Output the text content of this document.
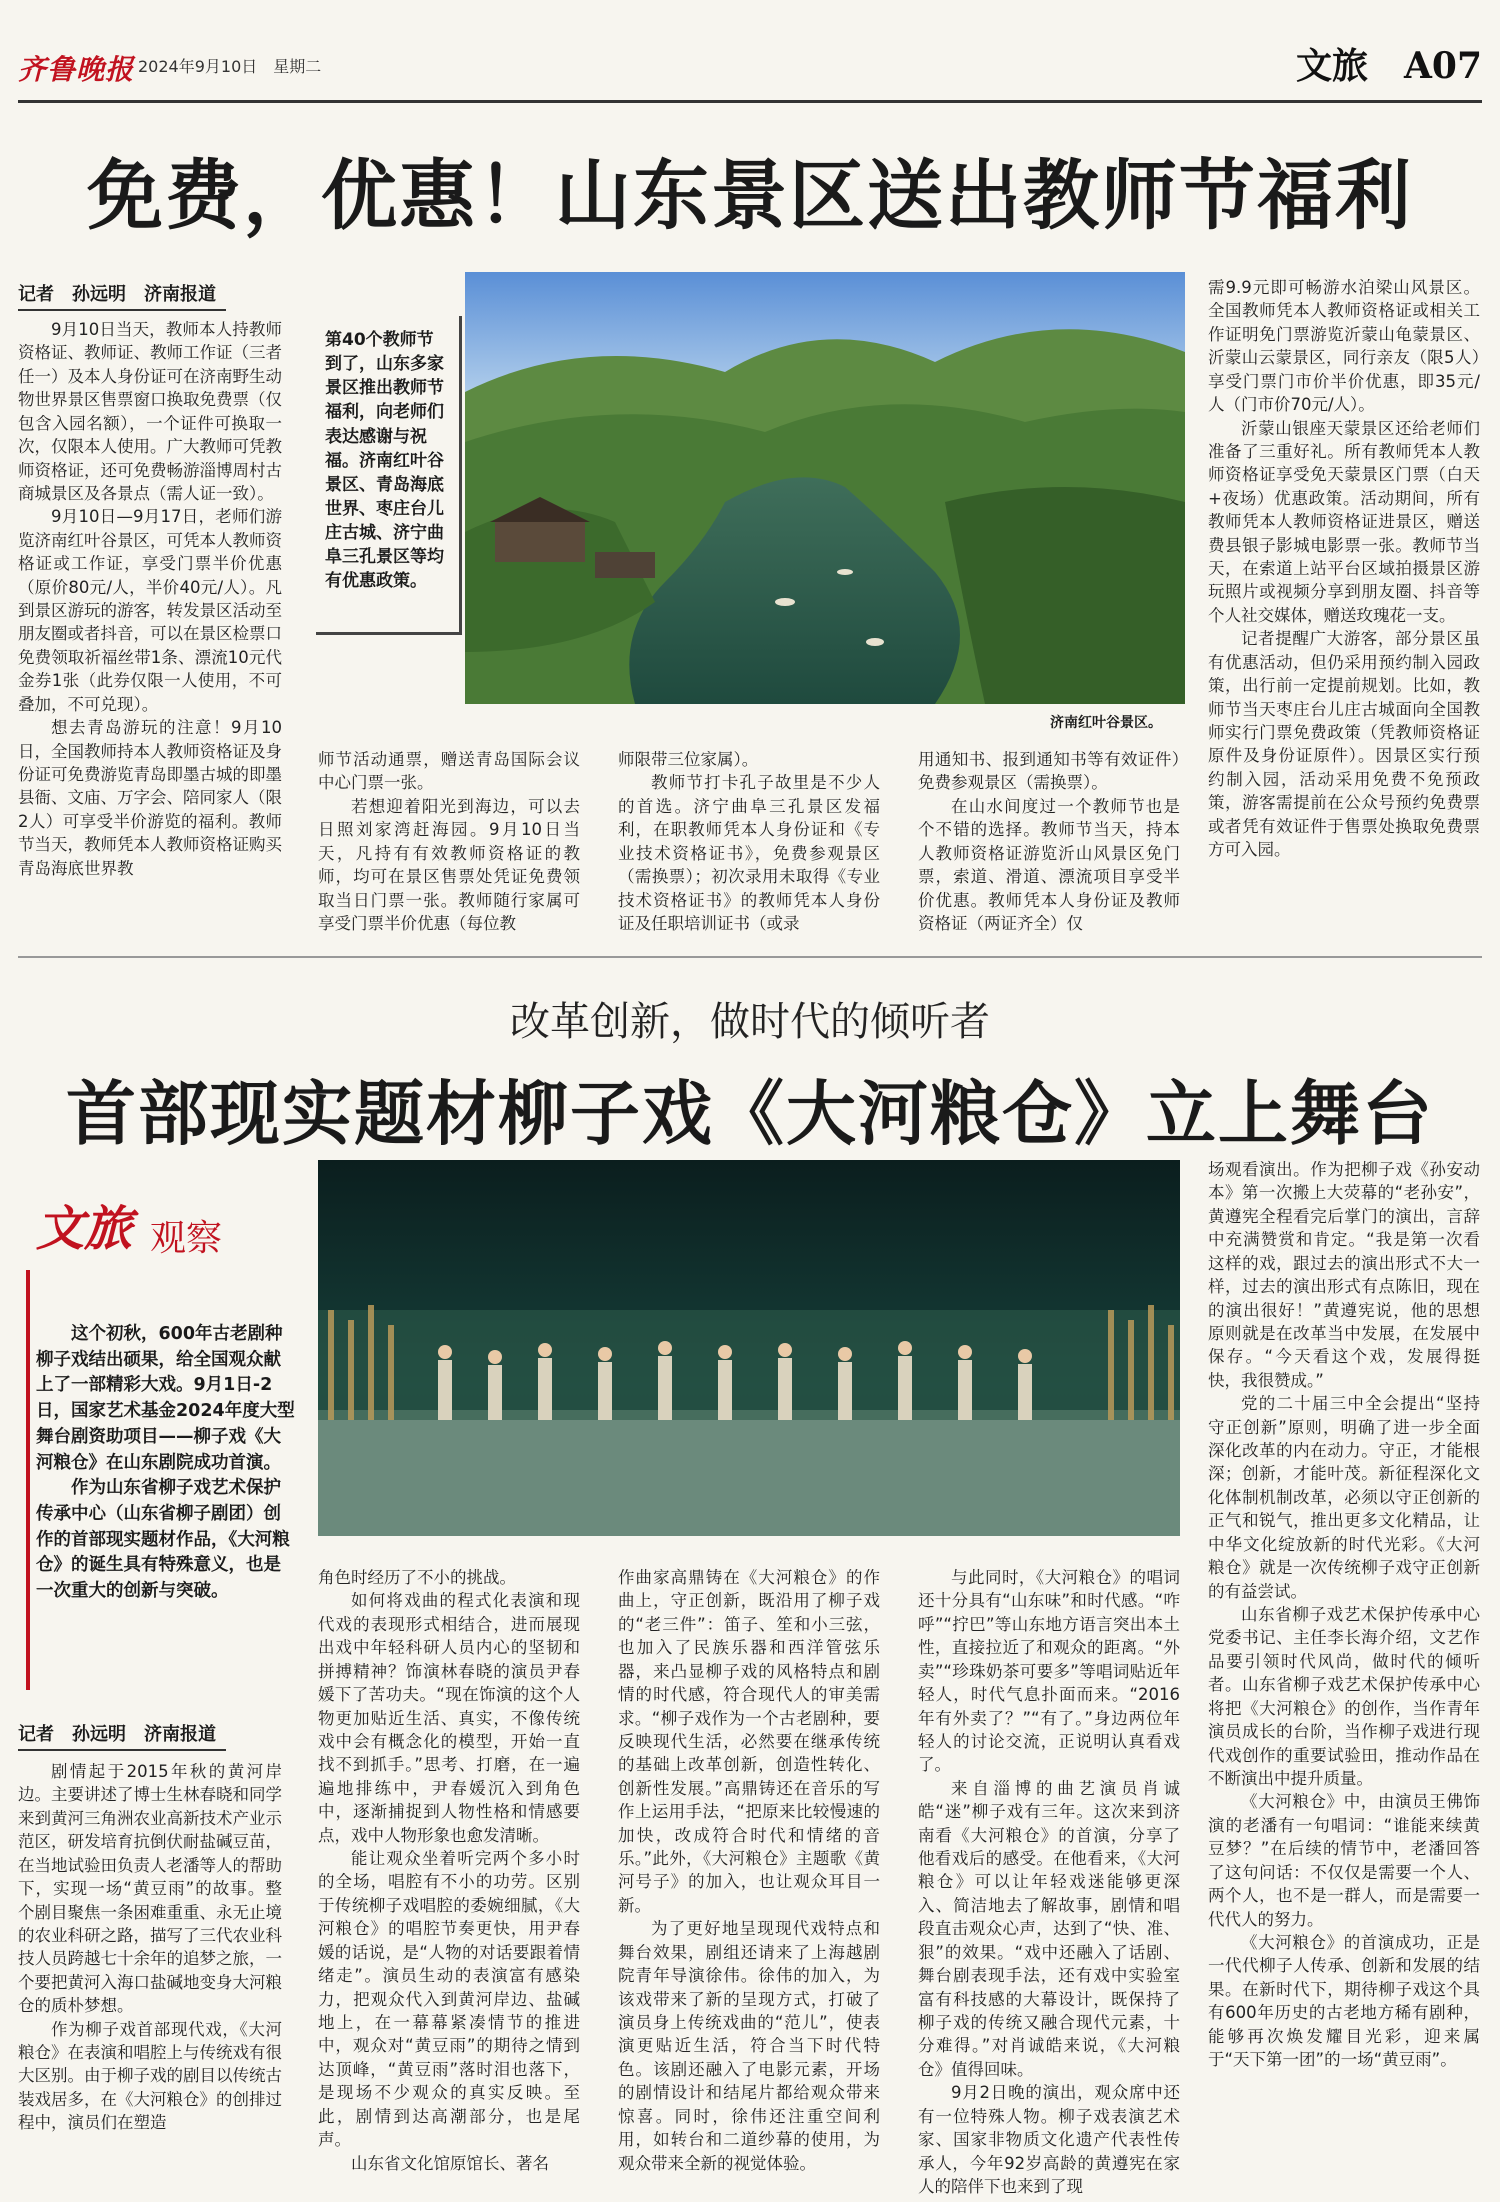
齐鲁晚报 2024年9月10日　星期二	文旅　A07
免费，优惠！山东景区送出教师节福利
记者　孙远明　济南报道

9月10日当天，教师本人持教师资格证、教师证、教师工作证（三者任一）及本人身份证可在济南野生动物世界景区售票窗口换取免费票（仅包含入园名额），一个证件可换取一次，仅限本人使用。广大教师可凭教师资格证，还可免费畅游淄博周村古商城景区及各景点（需人证一致）。

9月10日—9月17日，老师们游览济南红叶谷景区，可凭本人教师资格证或工作证，享受门票半价优惠（原价80元/人，半价40元/人）。凡到景区游玩的游客，转发景区活动至朋友圈或者抖音，可以在景区检票口免费领取祈福丝带1条、漂流10元代金券1张（此券仅限一人使用，不可叠加，不可兑现）。

想去青岛游玩的注意！9月10日，全国教师持本人教师资格证及身份证可免费游览青岛即墨古城的即墨县衙、文庙、万字会、陪同家人（限2人）可享受半价游览的福利。教师节当天，教师凭本人教师资格证购买青岛海底世界教

第40个教师节到了，山东多家景区推出教师节福利，向老师们表达感谢与祝福。济南红叶谷景区、青岛海底世界、枣庄台儿庄古城、济宁曲阜三孔景区等均有优惠政策。
济南红叶谷景区。

需9.9元即可畅游水泊梁山风景区。全国教师凭本人教师资格证或相关工作证明免门票游览沂蒙山龟蒙景区、沂蒙山云蒙景区，同行亲友（限5人）享受门票门市价半价优惠，即35元/人（门市价70元/人）。

沂蒙山银座天蒙景区还给老师们准备了三重好礼。所有教师凭本人教师资格证享受免天蒙景区门票（白天+夜场）优惠政策。活动期间，所有教师凭本人教师资格证进景区，赠送费县银子影城电影票一张。教师节当天，在索道上站平台区域拍摄景区游玩照片或视频分享到朋友圈、抖音等个人社交媒体，赠送玫瑰花一支。

记者提醒广大游客，部分景区虽有优惠活动，但仍采用预约制入园政策，出行前一定提前规划。比如，教师节当天枣庄台儿庄古城面向全国教师实行门票免费政策（凭教师资格证原件及身份证原件）。因景区实行预约制入园，活动采用免费不免预政策，游客需提前在公众号预约免费票或者凭有效证件于售票处换取免费票方可入园。

师节活动通票，赠送青岛国际会议中心门票一张。

若想迎着阳光到海边，可以去日照刘家湾赶海园。9月10日当天，凡持有有效教师资格证的教师，均可在景区售票处凭证免费领取当日门票一张。教师随行家属可享受门票半价优惠（每位教

师限带三位家属）。

教师节打卡孔子故里是不少人的首选。济宁曲阜三孔景区发福利，在职教师凭本人身份证和《专业技术资格证书》，免费参观景区（需换票）；初次录用未取得《专业技术资格证书》的教师凭本人身份证及任职培训证书（或录

用通知书、报到通知书等有效证件）免费参观景区（需换票）。

在山水间度过一个教师节也是个不错的选择。教师节当天，持本人教师资格证游览沂山风景区免门票，索道、滑道、漂流项目享受半价优惠。教师凭本人身份证及教师资格证（两证齐全）仅

改革创新，做时代的倾听者
首部现实题材柳子戏《大河粮仓》立上舞台
文旅 观察

这个初秋，600年古老剧种柳子戏结出硕果，给全国观众献上了一部精彩大戏。9月1日-2日，国家艺术基金2024年度大型舞台剧资助项目——柳子戏《大河粮仓》在山东剧院成功首演。

作为山东省柳子戏艺术保护传承中心（山东省柳子剧团）创作的首部现实题材作品，《大河粮仓》的诞生具有特殊意义，也是一次重大的创新与突破。

记者　孙远明　济南报道

剧情起于2015年秋的黄河岸边。主要讲述了博士生林春晓和同学来到黄河三角洲农业高新技术产业示范区，研发培育抗倒伏耐盐碱豆苗，在当地试验田负责人老潘等人的帮助下，实现一场“黄豆雨”的故事。整个剧目聚焦一条困难重重、永无止境的农业科研之路，描写了三代农业科技人员跨越七十余年的追梦之旅，一个要把黄河入海口盐碱地变身大河粮仓的质朴梦想。

作为柳子戏首部现代戏，《大河粮仓》在表演和唱腔上与传统戏有很大区别。由于柳子戏的剧目以传统古装戏居多，在《大河粮仓》的创排过程中，演员们在塑造

角色时经历了不小的挑战。

如何将戏曲的程式化表演和现代戏的表现形式相结合，进而展现出戏中年轻科研人员内心的坚韧和拼搏精神？饰演林春晓的演员尹春媛下了苦功夫。“现在饰演的这个人物更加贴近生活、真实，不像传统戏中会有概念化的模型，开始一直找不到抓手。”思考、打磨，在一遍遍地排练中，尹春媛沉入到角色中，逐渐捕捉到人物性格和情感要点，戏中人物形象也愈发清晰。

能让观众坐着听完两个多小时的全场，唱腔有不小的功劳。区别于传统柳子戏唱腔的委婉细腻，《大河粮仓》的唱腔节奏更快，用尹春媛的话说，是“人物的对话要跟着情绪走”。演员生动的表演富有感染力，把观众代入到黄河岸边、盐碱地上，在一幕幕紧凑情节的推进中，观众对“黄豆雨”的期待之情到达顶峰，“黄豆雨”落时泪也落下，是现场不少观众的真实反映。至此，剧情到达高潮部分，也是尾声。

山东省文化馆原馆长、著名

作曲家高鼎铸在《大河粮仓》的作曲上，守正创新，既沿用了柳子戏的“老三件”：笛子、笙和小三弦，也加入了民族乐器和西洋管弦乐器，来凸显柳子戏的风格特点和剧情的时代感，符合现代人的审美需求。“柳子戏作为一个古老剧种，要反映现代生活，必然要在继承传统的基础上改革创新，创造性转化、创新性发展。”高鼎铸还在音乐的写作上运用手法，“把原来比较慢速的加快，改成符合时代和情绪的音乐。”此外，《大河粮仓》主题歌《黄河号子》的加入，也让观众耳目一新。

为了更好地呈现现代戏特点和舞台效果，剧组还请来了上海越剧院青年导演徐伟。徐伟的加入，为该戏带来了新的呈现方式，打破了演员身上传统戏曲的“范儿”，使表演更贴近生活，符合当下时代特色。该剧还融入了电影元素，开场的剧情设计和结尾片都给观众带来惊喜。同时，徐伟还注重空间利用，如转台和二道纱幕的使用，为观众带来全新的视觉体验。

与此同时，《大河粮仓》的唱词还十分具有“山东味”和时代感。“咋呼”“拧巴”等山东地方语言突出本土性，直接拉近了和观众的距离。“外卖”“珍珠奶茶可要多”等唱词贴近年轻人，时代气息扑面而来。“2016年有外卖了？”“有了。”身边两位年轻人的讨论交流，正说明认真看戏了。

来自淄博的曲艺演员肖诚皓“迷”柳子戏有三年。这次来到济南看《大河粮仓》的首演，分享了他看戏后的感受。在他看来，《大河粮仓》可以让年轻戏迷能够更深入、简洁地去了解故事，剧情和唱段直击观众心声，达到了“快、准、狠”的效果。“戏中还融入了话剧、舞台剧表现手法，还有戏中实验室富有科技感的大幕设计，既保持了柳子戏的传统又融合现代元素，十分难得。”对肖诚皓来说，《大河粮仓》值得回味。

9月2日晚的演出，观众席中还有一位特殊人物。柳子戏表演艺术家、国家非物质文化遗产代表性传承人，今年92岁高龄的黄遵宪在家人的陪伴下也来到了现

场观看演出。作为把柳子戏《孙安动本》第一次搬上大荧幕的“老孙安”，黄遵宪全程看完后掌门的演出，言辞中充满赞赏和肯定。“我是第一次看这样的戏，跟过去的演出形式不大一样，过去的演出形式有点陈旧，现在的演出很好！”黄遵宪说，他的思想原则就是在改革当中发展，在发展中保存。“今天看这个戏，发展得挺快，我很赞成。”

党的二十届三中全会提出“坚持守正创新”原则，明确了进一步全面深化改革的内在动力。守正，才能根深；创新，才能叶茂。新征程深化文化体制机制改革，必须以守正创新的正气和锐气，推出更多文化精品，让中华文化绽放新的时代光彩。《大河粮仓》就是一次传统柳子戏守正创新的有益尝试。

山东省柳子戏艺术保护传承中心党委书记、主任李长海介绍，文艺作品要引领时代风尚，做时代的倾听者。山东省柳子戏艺术保护传承中心将把《大河粮仓》的创作，当作青年演员成长的台阶，当作柳子戏进行现代戏创作的重要试验田，推动作品在不断演出中提升质量。

《大河粮仓》中，由演员王佛饰演的老潘有一句唱词：“谁能来续黄豆梦？”在后续的情节中，老潘回答了这句问话：不仅仅是需要一个人、两个人，也不是一群人，而是需要一代代人的努力。

《大河粮仓》的首演成功，正是一代代柳子人传承、创新和发展的结果。在新时代下，期待柳子戏这个具有600年历史的古老地方稀有剧种，能够再次焕发耀目光彩，迎来属于“天下第一团”的一场“黄豆雨”。
